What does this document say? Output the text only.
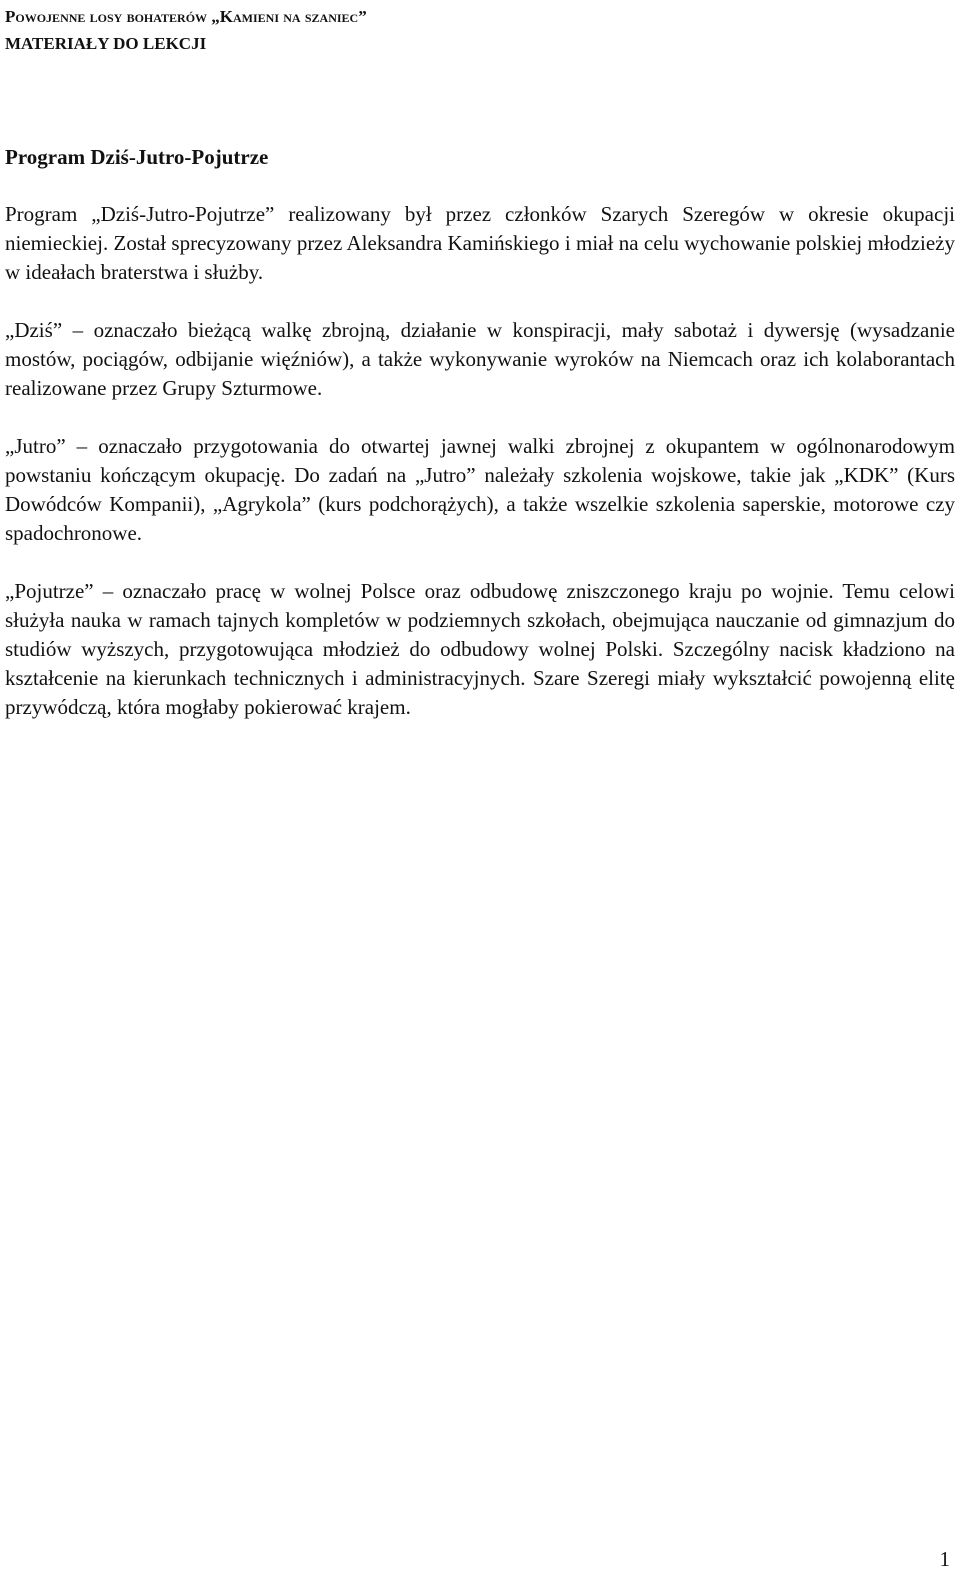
Powojenne losy bohaterów „Kamieni na szaniec”
MATERIAŁY DO LEKCJI
Program Dziś-Jutro-Pojutrze

Program „Dziś-Jutro-Pojutrze” realizowany był przez członków Szarych Szeregów w okresie okupacji niemieckiej. Został sprecyzowany przez Aleksandra Kamińskiego i miał na celu wychowanie polskiej młodzieży w ideałach braterstwa i służby.

„Dziś” – oznaczało bieżącą walkę zbrojną, działanie w konspiracji, mały sabotaż i dywersję (wysadzanie mostów, pociągów, odbijanie więźniów), a także wykonywanie wyroków na Niemcach oraz ich kolaborantach realizowane przez Grupy Szturmowe.

„Jutro” – oznaczało przygotowania do otwartej jawnej walki zbrojnej z okupantem w ogólnonarodowym powstaniu kończącym okupację. Do zadań na „Jutro” należały szkolenia wojskowe, takie jak „KDK” (Kurs Dowódców Kompanii), „Agrykola” (kurs podchorążych), a także wszelkie szkolenia saperskie, motorowe czy spadochronowe.

„Pojutrze” – oznaczało pracę w wolnej Polsce oraz odbudowę zniszczonego kraju po wojnie. Temu celowi służyła nauka w ramach tajnych kompletów w podziemnych szkołach, obejmująca nauczanie od gimnazjum do studiów wyższych, przygotowująca młodzież do odbudowy wolnej Polski. Szczególny nacisk kładziono na kształcenie na kierunkach technicznych i administracyjnych. Szare Szeregi miały wykształcić powojenną elitę przywódczą, która mogłaby pokierować krajem.

1
